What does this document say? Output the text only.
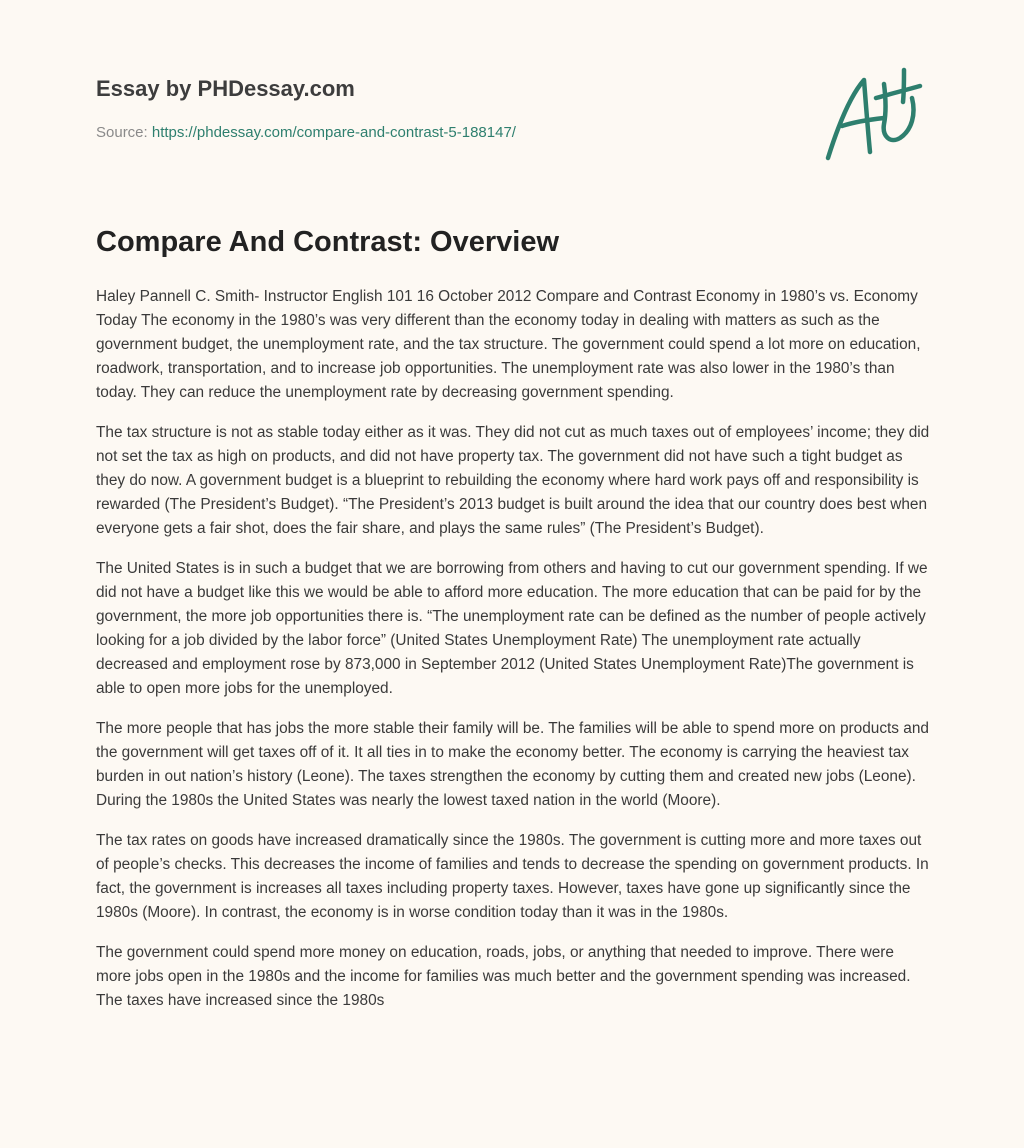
Essay by PHDessay.com
Source: https://phdessay.com/compare-and-contrast-5-188147/
Compare And Contrast: Overview

Haley Pannell C. Smith- Instructor English 101 16 October 2012 Compare and Contrast Economy in 1980’s vs. Economy Today The economy in the 1980’s was very different than the economy today in dealing with matters as such as the government budget, the unemployment rate, and the tax structure. The government could spend a lot more on education, roadwork, transportation, and to increase job opportunities. The unemployment rate was also lower in the 1980’s than today. They can reduce the unemployment rate by decreasing government spending.

The tax structure is not as stable today either as it was. They did not cut as much taxes out of employees’ income; they did not set the tax as high on products, and did not have property tax. The government did not have such a tight budget as they do now. A government budget is a blueprint to rebuilding the economy where hard work pays off and responsibility is rewarded (The President’s Budget). “The President’s 2013 budget is built around the idea that our country does best when everyone gets a fair shot, does the fair share, and plays the same rules” (The President’s Budget).

The United States is in such a budget that we are borrowing from others and having to cut our government spending. If we did not have a budget like this we would be able to afford more education. The more education that can be paid for by the government, the more job opportunities there is. “The unemployment rate can be defined as the number of people actively looking for a job divided by the labor force” (United States Unemployment Rate) The unemployment rate actually decreased and employment rose by 873,000 in September 2012 (United States Unemployment Rate)The government is able to open more jobs for the unemployed.

The more people that has jobs the more stable their family will be. The families will be able to spend more on products and the government will get taxes off of it. It all ties in to make the economy better. The economy is carrying the heaviest tax burden in out nation’s history (Leone). The taxes strengthen the economy by cutting them and created new jobs (Leone). During the 1980s the United States was nearly the lowest taxed nation in the world (Moore).

The tax rates on goods have increased dramatically since the 1980s. The government is cutting more and more taxes out of people’s checks. This decreases the income of families and tends to decrease the spending on government products. In fact, the government is increases all taxes including property taxes. However, taxes have gone up significantly since the 1980s (Moore). In contrast, the economy is in worse condition today than it was in the 1980s.

The government could spend more money on education, roads, jobs, or anything that needed to improve. There were more jobs open in the 1980s and the income for families was much better and the government spending was increased. The taxes have increased since the 1980s
